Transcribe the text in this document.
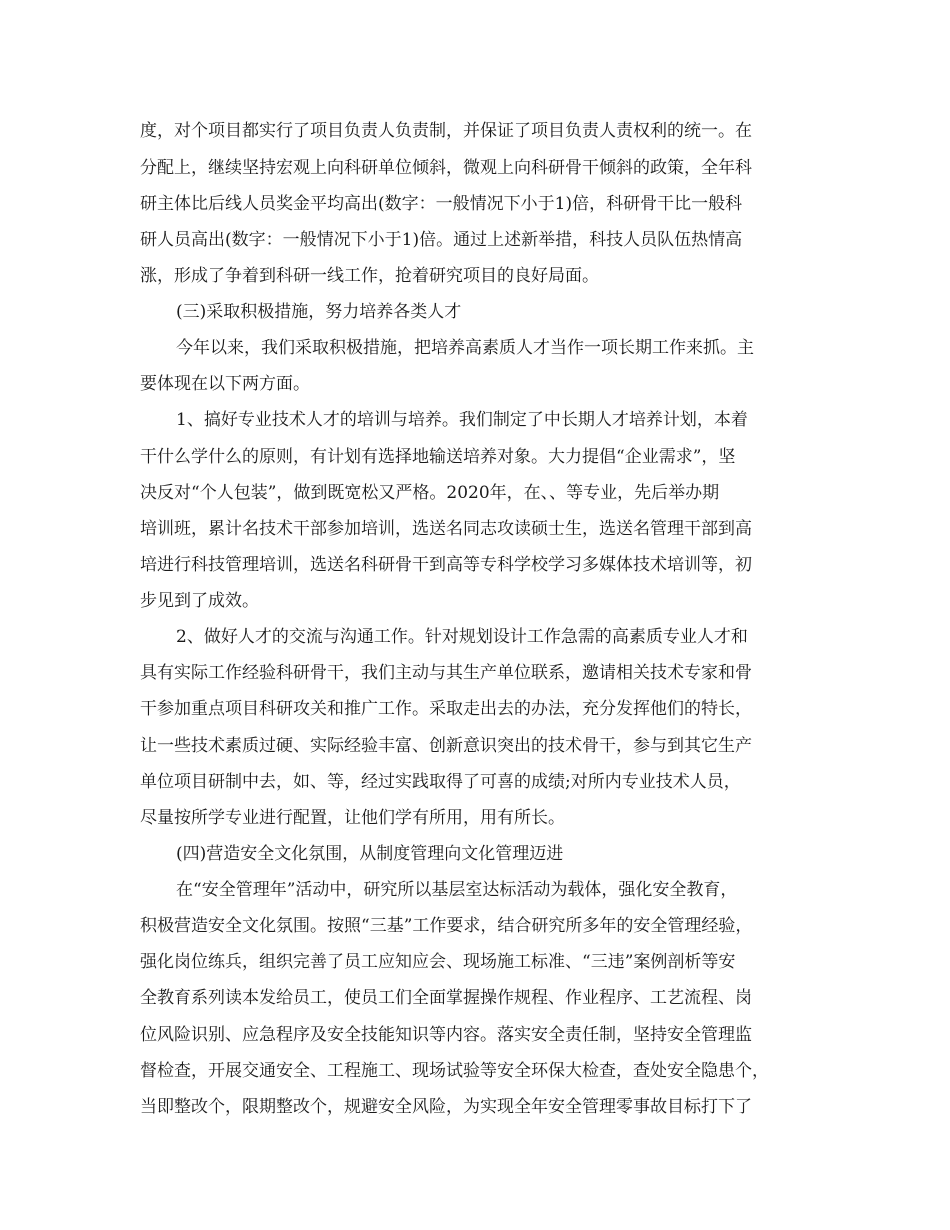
度，对个项目都实行了项目负责人负责制，并保证了项目负责人责权利的统一。在
分配上，继续坚持宏观上向科研单位倾斜，微观上向科研骨干倾斜的政策，全年科
研主体比后线人员奖金平均高出(数字：一般情况下小于1)倍，科研骨干比一般科
研人员高出(数字：一般情况下小于1)倍。通过上述新举措，科技人员队伍热情高
涨，形成了争着到科研一线工作，抢着研究项目的良好局面。
(三)采取积极措施，努力培养各类人才
今年以来，我们采取积极措施，把培养高素质人才当作一项长期工作来抓。主
要体现在以下两方面。
1、搞好专业技术人才的培训与培养。我们制定了中长期人才培养计划，本着
干什么学什么的原则，有计划有选择地输送培养对象。大力提倡“企业需求”，坚
决反对“个人包装”，做到既宽松又严格。2020年，在、、等专业，先后举办期
培训班，累计名技术干部参加培训，选送名同志攻读硕士生，选送名管理干部到高
培进行科技管理培训，选送名科研骨干到高等专科学校学习多媒体技术培训等，初
步见到了成效。
2、做好人才的交流与沟通工作。针对规划设计工作急需的高素质专业人才和
具有实际工作经验科研骨干，我们主动与其生产单位联系，邀请相关技术专家和骨
干参加重点项目科研攻关和推广工作。采取走出去的办法，充分发挥他们的特长，
让一些技术素质过硬、实际经验丰富、创新意识突出的技术骨干，参与到其它生产
单位项目研制中去，如、等，经过实践取得了可喜的成绩;对所内专业技术人员，
尽量按所学专业进行配置，让他们学有所用，用有所长。
(四)营造安全文化氛围，从制度管理向文化管理迈进
在“安全管理年”活动中，研究所以基层室达标活动为载体，强化安全教育，
积极营造安全文化氛围。按照“三基”工作要求，结合研究所多年的安全管理经验，
强化岗位练兵，组织完善了员工应知应会、现场施工标准、“三违”案例剖析等安
全教育系列读本发给员工，使员工们全面掌握操作规程、作业程序、工艺流程、岗
位风险识别、应急程序及安全技能知识等内容。落实安全责任制，坚持安全管理监
督检查，开展交通安全、工程施工、现场试验等安全环保大检查，查处安全隐患个，
当即整改个，限期整改个，规避安全风险，为实现全年安全管理零事故目标打下了
